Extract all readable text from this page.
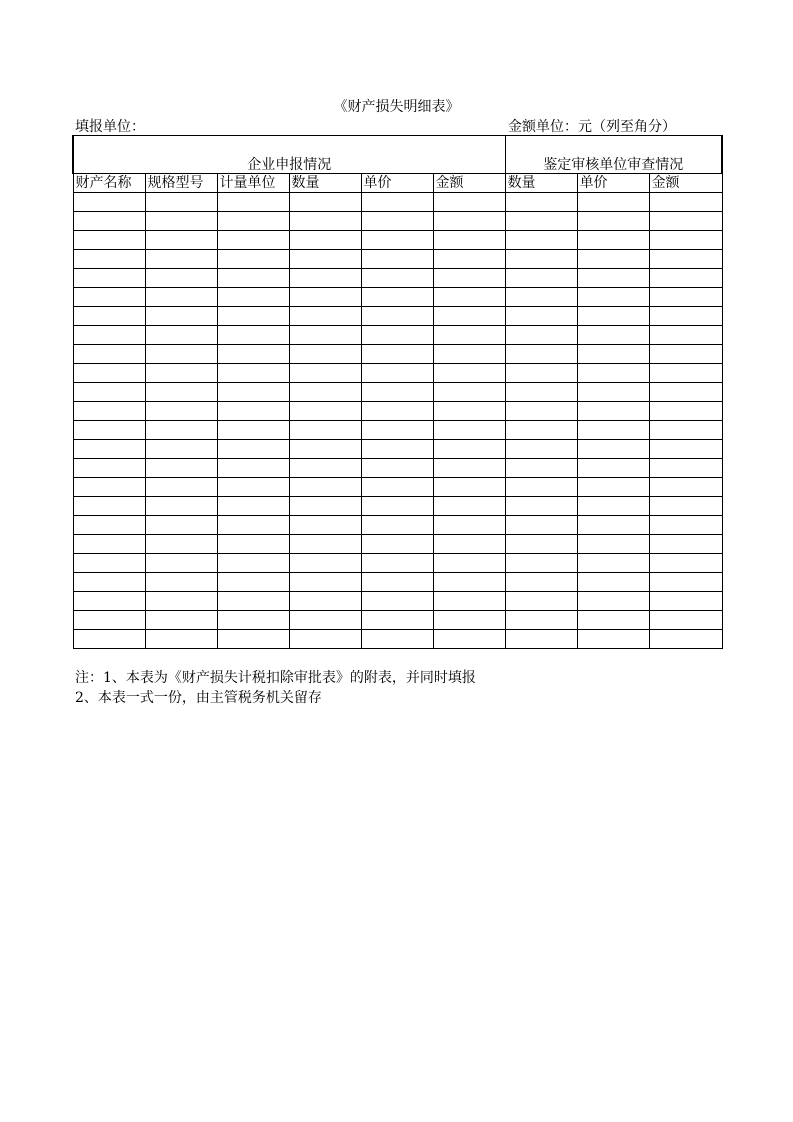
《财产损失明细表》
填报单位：	金额单位：元（列至角分）
企业申报情况						鉴定审核单位审查情况		
财产名称	规格型号	计量单位	数量	单价	金额	数量	单价	金额

注：1、本表为《财产损失计税扣除审批表》的附表，并同时填报
2、本表一式一份，由主管税务机关留存
